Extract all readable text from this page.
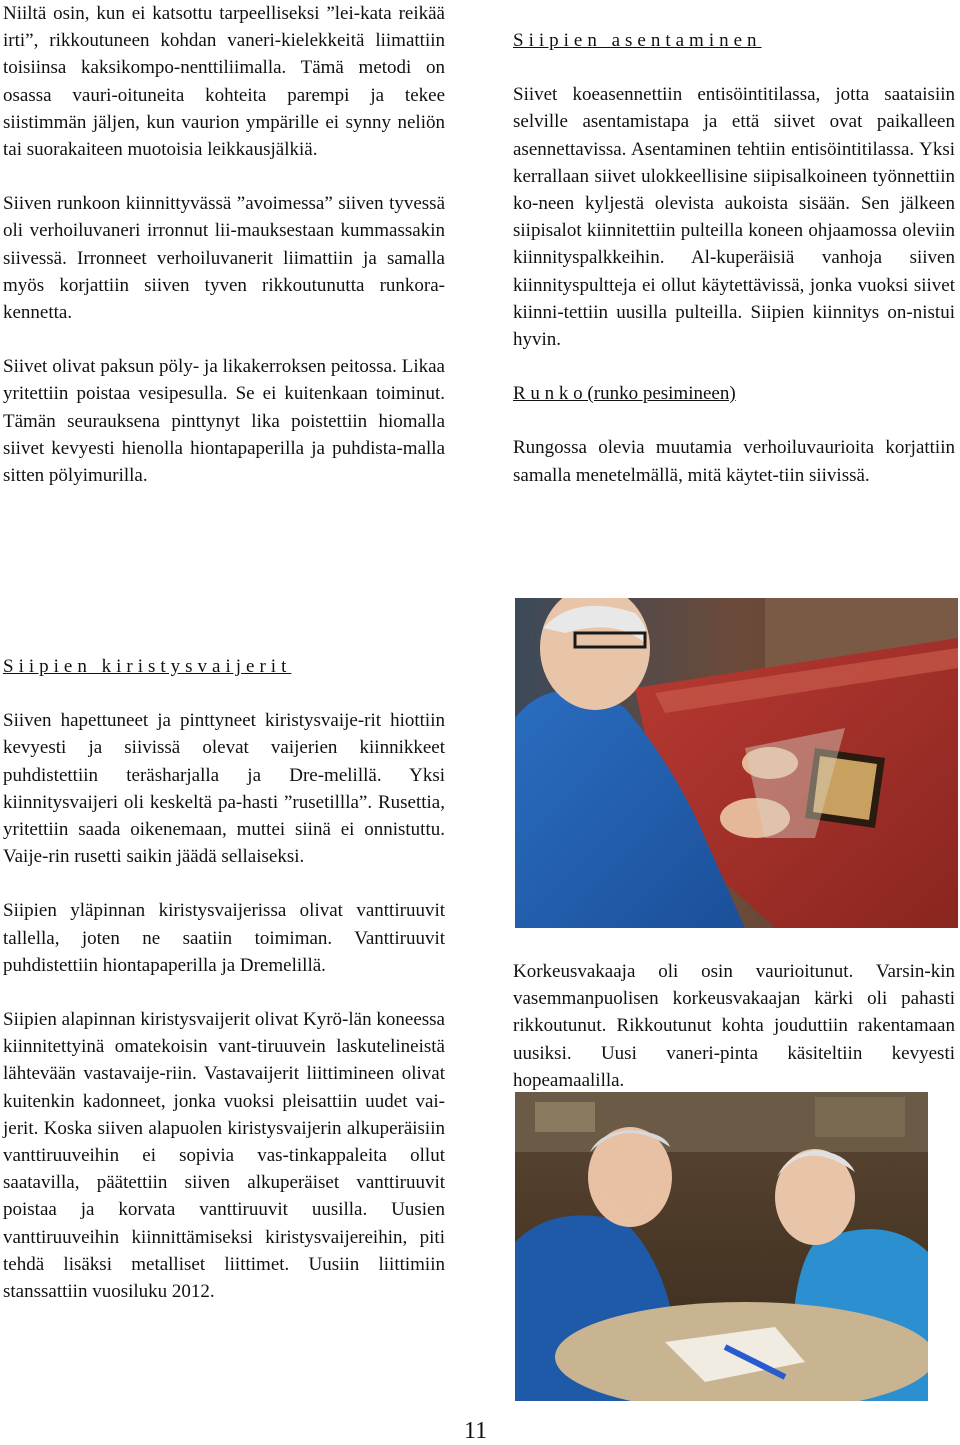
Niiltä osin, kun ei katsottu tarpeelliseksi ”lei-kata reikää irti”, rikkoutuneen kohdan vaneri-kielekkeitä liimattiin toisiinsa kaksikompo-nenttiliimalla. Tämä metodi on osassa vauri-oituneita kohteita parempi ja tekee siistimmän jäljen, kun vaurion ympärille ei synny neliön tai suorakaiteen muotoisia leikkausjälkiä.

Siiven runkoon kiinnittyvässä ”avoimessa” siiven tyvessä oli verhoiluvaneri irronnut lii-mauksestaan kummassakin siivessä. Irronneet verhoiluvanerit liimattiin ja samalla myös korjattiin siiven tyven rikkoutunutta runkora-kennetta.

Siivet olivat paksun pöly- ja likakerroksen peitossa. Likaa yritettiin poistaa vesipesulla. Se ei kuitenkaan toiminut. Tämän seurauksena pinttynyt lika poistettiin hiomalla siivet kevyesti hienolla hiontapaperilla ja puhdista-malla sitten pölyimurilla.

Siipien asentaminen

Siivet koeasennettiin entisöintitilassa, jotta saataisiin selville asentamistapa ja että siivet ovat paikalleen asennettavissa. Asentaminen tehtiin entisöintitilassa. Yksi kerrallaan siivet ulokkeellisine siipisalkoineen työnnettiin ko-neen kyljestä olevista aukoista sisään. Sen jälkeen siipisalot kiinnitettiin pulteilla koneen ohjaamossa oleviin kiinnityspalkkeihin. Al-kuperäisiä vanhoja siiven kiinnityspultteja ei ollut käytettävissä, jonka vuoksi siivet kiinni-tettiin uusilla pulteilla. Siipien kiinnitys on-nistui hyvin.

R u n k o (runko pesimineen)

Rungossa olevia muutamia verhoiluvaurioita korjattiin samalla menetelmällä, mitä käytet-tiin siivissä.

Korkeusvakaaja oli osin vaurioitunut. Varsin-kin vasemmanpuolisen korkeusvakaajan kärki oli pahasti rikkoutunut. Rikkoutunut kohta jouduttiin rakentamaan uusiksi. Uusi vaneri-pinta käsiteltiin kevyesti hopeamaalilla.

Siipien kiristysvaijerit

Siiven hapettuneet ja pinttyneet kiristysvaije-rit hiottiin kevyesti ja siivissä olevat vaijerien kiinnikkeet puhdistettiin teräsharjalla ja Dre-melillä. Yksi kiinnitysvaijeri oli keskeltä pa-hasti ”rusetillla”. Rusettia, yritettiin saada oikenemaan, muttei siinä ei onnistuttu. Vaije-rin rusetti saikin jäädä sellaiseksi.

Siipien yläpinnan kiristysvaijerissa olivat vanttiruuvit tallella, joten ne saatiin toimiman. Vanttiruuvit puhdistettiin hiontapaperilla ja Dremelillä.

Siipien alapinnan kiristysvaijerit olivat Kyrö-län koneessa kiinnitettyinä omatekoisin vant-tiruuvein laskutelineistä lähtevään vastavaije-riin. Vastavaijerit liittimineen olivat kuitenkin kadonneet, jonka vuoksi pleisattiin uudet vai-jerit. Koska siiven alapuolen kiristysvaijerin alkuperäisiin vanttiruuveihin ei sopivia vas-tinkappaleita ollut saatavilla, päätettiin siiven alkuperäiset vanttiruuvit poistaa ja korvata vanttiruuvit uusilla. Uusien vanttiruuveihin kiinnittämiseksi kiristysvaijereihin, piti tehdä lisäksi metalliset liittimet. Uusiin liittimiin stanssattiin vuosiluku 2012.

11
